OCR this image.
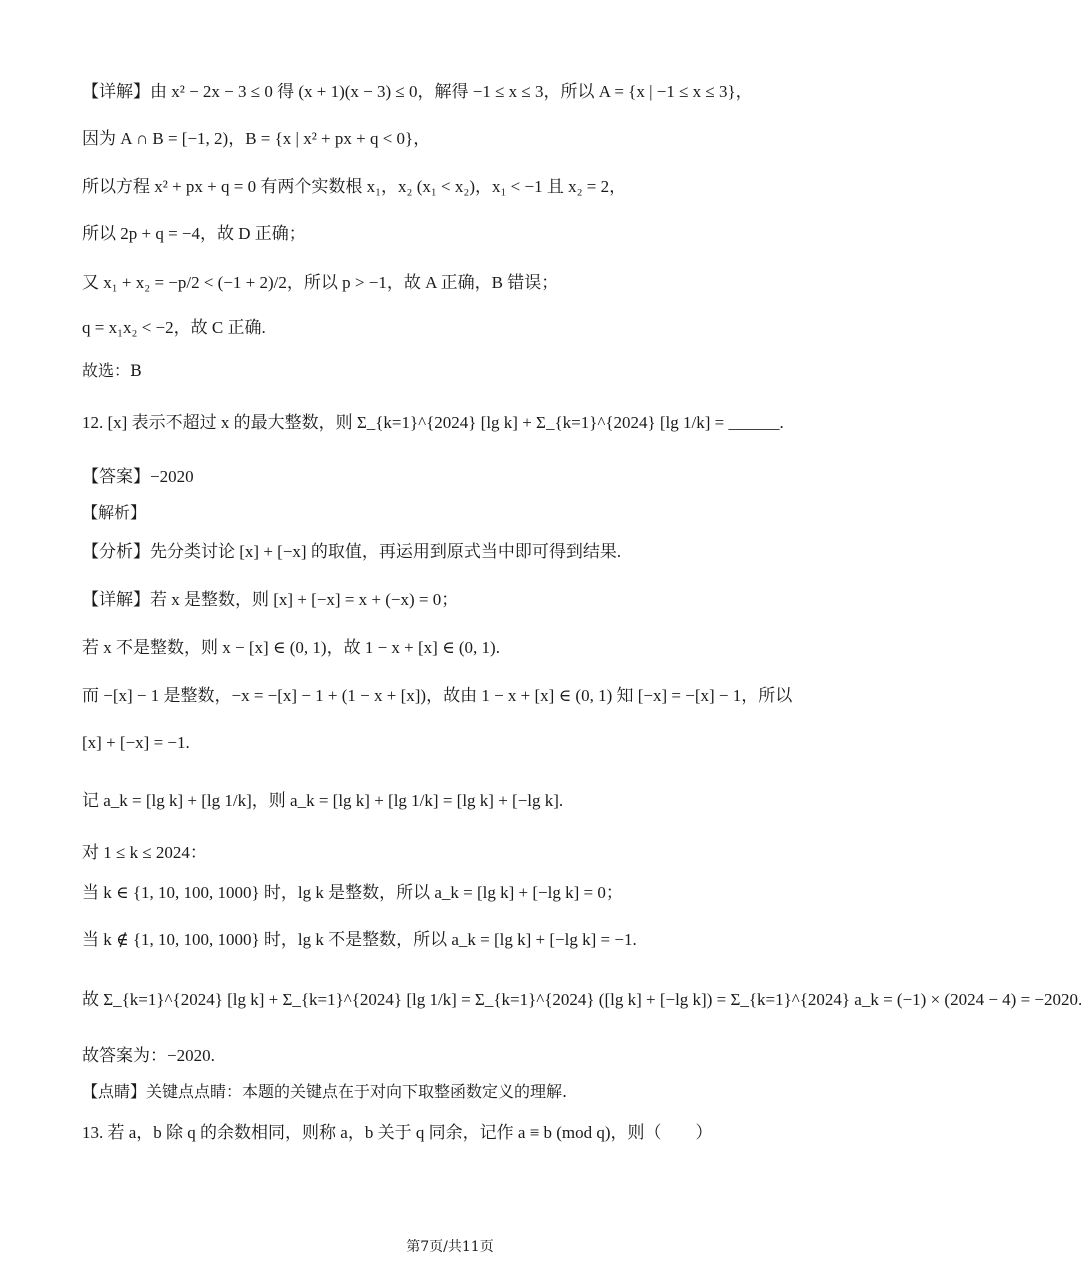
【详解】由 x² − 2x − 3 ≤ 0 得 (x + 1)(x − 3) ≤ 0，解得 −1 ≤ x ≤ 3，所以 A = {x | −1 ≤ x ≤ 3}，
因为 A ∩ B = [−1, 2)，B = {x | x² + px + q < 0}，
所以方程 x² + px + q = 0 有两个实数根 x₁，x₂ (x₁ < x₂)，x₁ < −1 且 x₂ = 2，
所以 2p + q = −4，故 D 正确；
又 x₁ + x₂ = −p/2 < (−1 + 2)/2，所以 p > −1，故 A 正确，B 错误；
q = x₁x₂ < −2，故 C 正确.
故选：B
12. [x] 表示不超过 x 的最大整数，则 Σ_{k=1}^{2024} [lg k] + Σ_{k=1}^{2024} [lg 1/k] = ______.
【答案】−2020
【解析】
【分析】先分类讨论 [x] + [−x] 的取值，再运用到原式当中即可得到结果.
【详解】若 x 是整数，则 [x] + [−x] = x + (−x) = 0；
若 x 不是整数，则 x − [x] ∈ (0, 1)，故 1 − x + [x] ∈ (0, 1).
而 −[x] − 1 是整数，−x = −[x] − 1 + (1 − x + [x])，故由 1 − x + [x] ∈ (0, 1) 知 [−x] = −[x] − 1，所以
[x] + [−x] = −1.
记 a_k = [lg k] + [lg 1/k]，则 a_k = [lg k] + [lg 1/k] = [lg k] + [−lg k].
对 1 ≤ k ≤ 2024：
当 k ∈ {1, 10, 100, 1000} 时，lg k 是整数，所以 a_k = [lg k] + [−lg k] = 0；
当 k ∉ {1, 10, 100, 1000} 时，lg k 不是整数，所以 a_k = [lg k] + [−lg k] = −1.
故 Σ_{k=1}^{2024} [lg k] + Σ_{k=1}^{2024} [lg 1/k] = Σ_{k=1}^{2024} ([lg k] + [−lg k]) = Σ_{k=1}^{2024} a_k = (−1) × (2024 − 4) = −2020.
故答案为：−2020.
【点睛】关键点点睛：本题的关键点在于对向下取整函数定义的理解.
13. 若 a，b 除 q 的余数相同，则称 a，b 关于 q 同余，记作 a ≡ b (mod q)，则（　　）
第7页/共11页
